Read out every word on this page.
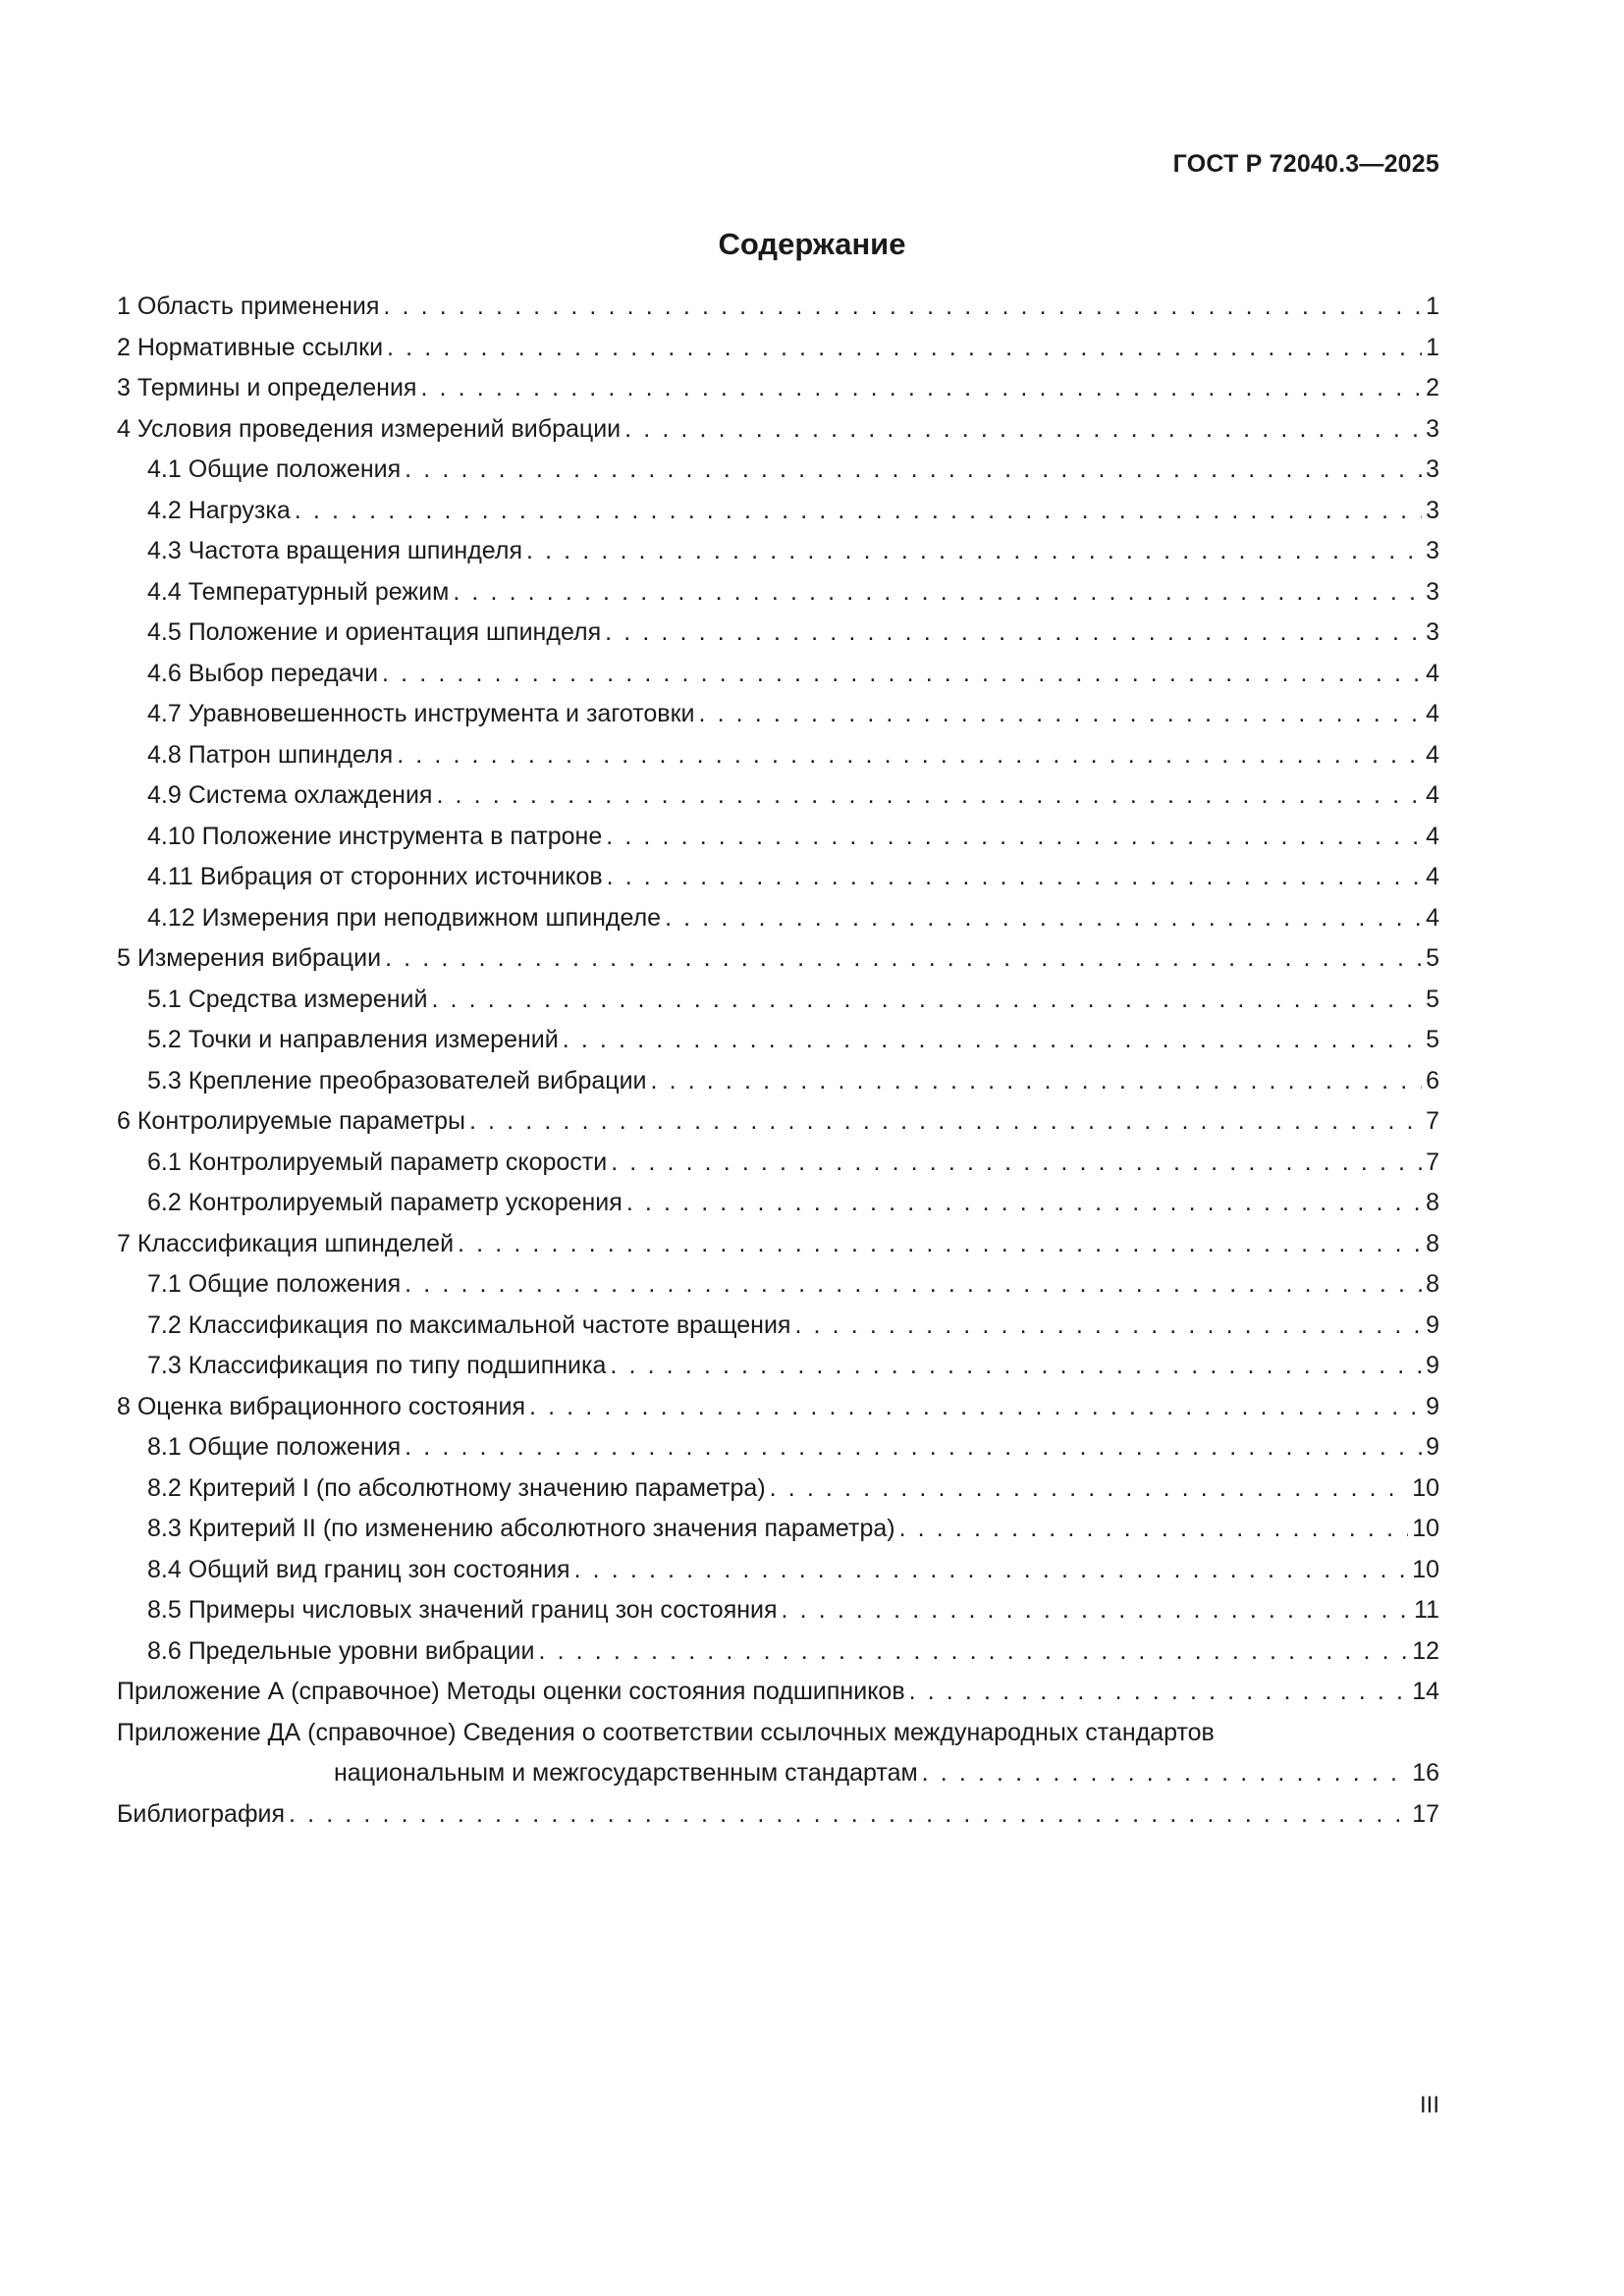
ГОСТ Р 72040.3—2025
Содержание
1 Область применения . . .	1
2 Нормативные ссылки . . .	1
3 Термины и определения . . .	2
4 Условия проведения измерений вибрации . . .	3
4.1 Общие положения . . .	3
4.2 Нагрузка . . .	3
4.3 Частота вращения шпинделя . . .	3
4.4 Температурный режим . . .	3
4.5 Положение и ориентация шпинделя . . .	3
4.6 Выбор передачи . . .	4
4.7 Уравновешенность инструмента и заготовки . . .	4
4.8 Патрон шпинделя . . .	4
4.9 Система охлаждения . . .	4
4.10 Положение инструмента в патроне . . .	4
4.11 Вибрация от сторонних источников . . .	4
4.12 Измерения при неподвижном шпинделе . . .	4
5 Измерения вибрации . . .	5
5.1 Средства измерений . . .	5
5.2 Точки и направления измерений . . .	5
5.3 Крепление преобразователей вибрации . . .	6
6 Контролируемые параметры . . .	7
6.1 Контролируемый параметр скорости . . .	7
6.2 Контролируемый параметр ускорения . . .	8
7 Классификация шпинделей . . .	8
7.1 Общие положения . . .	8
7.2 Классификация по максимальной частоте вращения . . .	9
7.3 Классификация по типу подшипника . . .	9
8 Оценка вибрационного состояния . . .	9
8.1 Общие положения . . .	9
8.2 Критерий I (по абсолютному значению параметра) . . .	10
8.3 Критерий II (по изменению абсолютного значения параметра) . . .	10
8.4 Общий вид границ зон состояния . . .	10
8.5 Примеры числовых значений границ зон состояния . . .	11
8.6 Предельные уровни вибрации . . .	12
Приложение А (справочное) Методы оценки состояния подшипников . . .	14
Приложение ДА (справочное) Сведения о соответствии ссылочных международных стандартов
национальным и межгосударственным стандартам . . .	16
Библиография . . .	17
III
